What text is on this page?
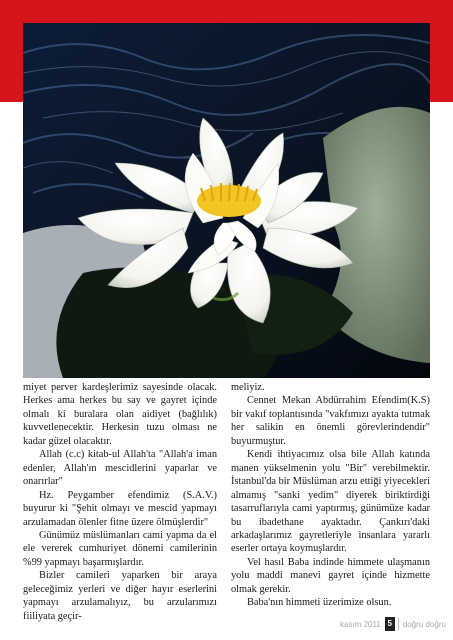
miyet perver kardeşlerimiz sayesinde olacak. Herkes ama herkes bu say ve gayret içinde olmalı ki buralara olan aidiyet (bağlılık) kuvvetlenecektir. Herkesin tuzu olması ne kadar güzel olacaktır.

Allah (c.c) kitab-ul Allah'ta "Allah'a iman edenler, Allah'ın mescidlerini yaparlar ve onarırlar"

Hz. Peygamber efendimiz (S.A.V.) buyurur ki "Şehit olmayı ve mescid yapmayı arzulamadan ölenler fitne üzere ölmüşlerdir"

Günümüz müslümanları cami yapma da el ele vererek cumhuriyet dönemi camilerinin %99 yapmayı başarmışlardır.

Bizler camileri yaparken bir araya geleceğimiz yerleri ve diğer hayır eserlerini yapmayı arzulamalıyız, bu arzularımızı fiiliyata geçir-

meliyiz.

Cennet Mekan Abdürrahim Efendim(K.S) bir vakıf toplantısında "vakfımızı ayakta tutmak her salikin en önemli görevlerindendir" buyurmuştur.

Kendi ihtiyacımız olsa bile Allah katında manen yükselmenin yolu "Bir" verebilmektir. İstanbul'da bir Müslüman arzu ettiği yiyecekleri almamış "sanki yedim" diyerek biriktirdiği tasarruflarıyla cami yaptırmış, günümüze kadar bu ibadethane ayaktadır. Çankırı'daki arkadaşlarımız gayretleriyle insanlara yararlı eserler ortaya koymuşlardır.

Vel hasıl Baba indinde himmete ulaşmanın yolu maddi manevi gayret içinde hizmette olmak gerekir.

Baba'nın himmeti üzerimize olsun.

kasım
2011 5	doğru doğru
